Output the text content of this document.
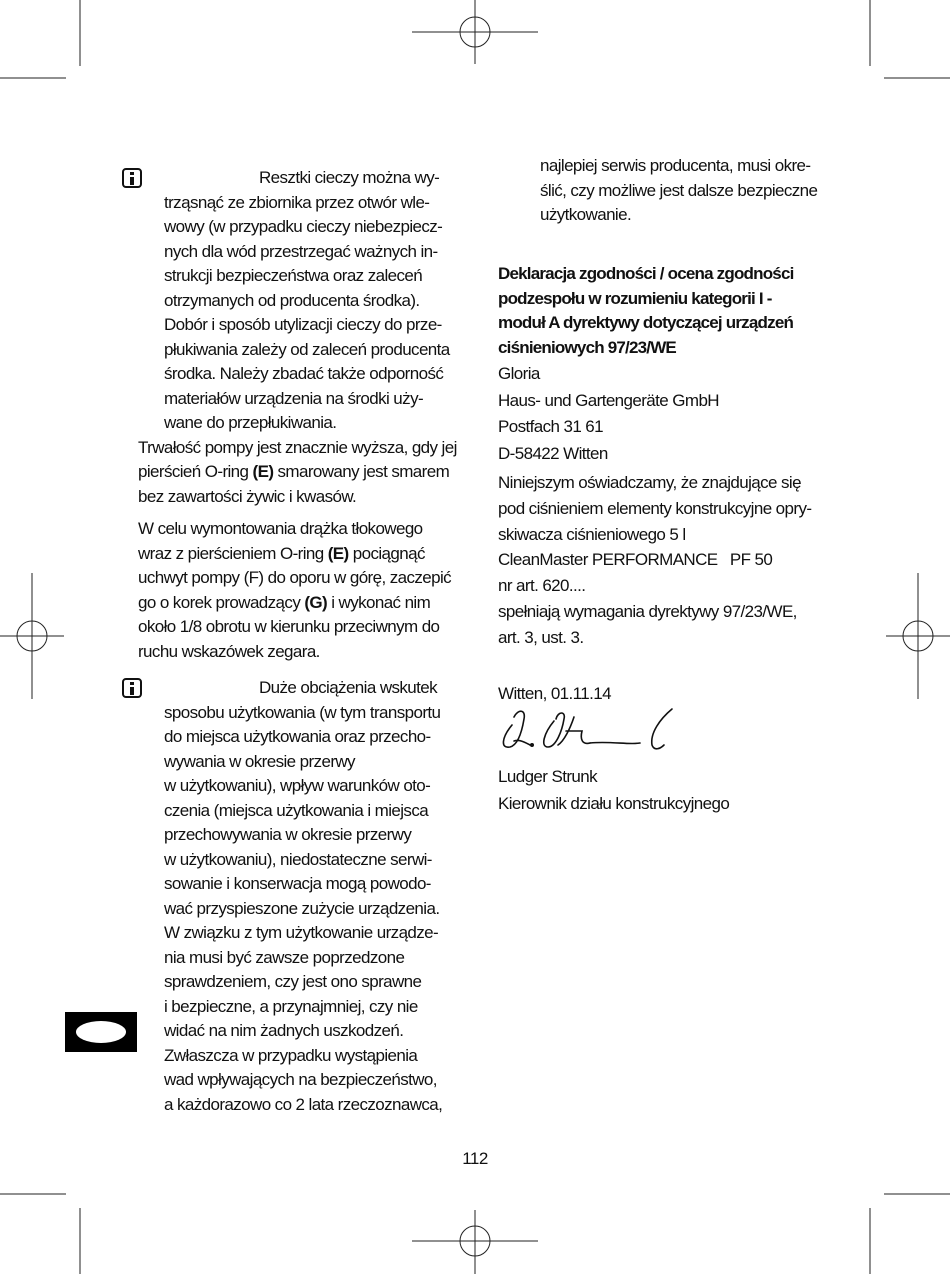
Resztki cieczy można wy-

trząsnąć ze zbiornika przez otwór wle-

wowy (w przypadku cieczy niebezpiecz-

nych dla wód przestrzegać ważnych in-

strukcji bezpieczeństwa oraz zaleceń

otrzymanych od producenta środka).

Dobór i sposób utylizacji cieczy do prze-

płukiwania zależy od zaleceń producenta

środka. Należy zbadać także odporność

materiałów urządzenia na środki uży-

wane do przepłukiwania.

Trwałość pompy jest znacznie wyższa, gdy jej

pierścień O-ring (E) smarowany jest smarem

bez zawartości żywic i kwasów.

W celu wymontowania drążka tłokowego

wraz z pierścieniem O-ring (E) pociągnąć

uchwyt pompy (F) do oporu w górę, zaczepić

go o korek prowadzący (G) i wykonać nim

około 1/8 obrotu w kierunku przeciwnym do

ruchu wskazówek zegara.

Duże obciążenia wskutek

sposobu użytkowania (w tym transportu

do miejsca użytkowania oraz przecho-

wywania w okresie przerwy

w użytkowaniu), wpływ warunków oto-

czenia (miejsca użytkowania i miejsca

przechowywania w okresie przerwy

w użytkowaniu), niedostateczne serwi-

sowanie i konserwacja mogą powodo-

wać przyspieszone zużycie urządzenia.

W związku z tym użytkowanie urządze-

nia musi być zawsze poprzedzone

sprawdzeniem, czy jest ono sprawne

i bezpieczne, a przynajmniej, czy nie

widać na nim żadnych uszkodzeń.

Zwłaszcza w przypadku wystąpienia

wad wpływających na bezpieczeństwo,

a każdorazowo co 2 lata rzeczoznawca,

najlepiej serwis producenta, musi okre-

ślić, czy możliwe jest dalsze bezpieczne

użytkowanie.

Deklaracja zgodności / ocena zgodności

podzespołu w rozumieniu kategorii I -

moduł A dyrektywy dotyczącej urządzeń

ciśnieniowych 97/23/WE

Gloria

Haus- und Gartengeräte GmbH

Postfach 31 61

D-58422 Witten

Niniejszym oświadczamy, że znajdujące się

pod ciśnieniem elementy konstrukcyjne opry-

skiwacza ciśnieniowego 5 l

CleanMaster PERFORMANCE   PF 50

nr art. 620....

spełniają wymagania dyrektywy 97/23/WE,

art. 3, ust. 3.

Witten, 01.11.14
Ludger Strunk
Kierownik działu konstrukcyjnego
112
